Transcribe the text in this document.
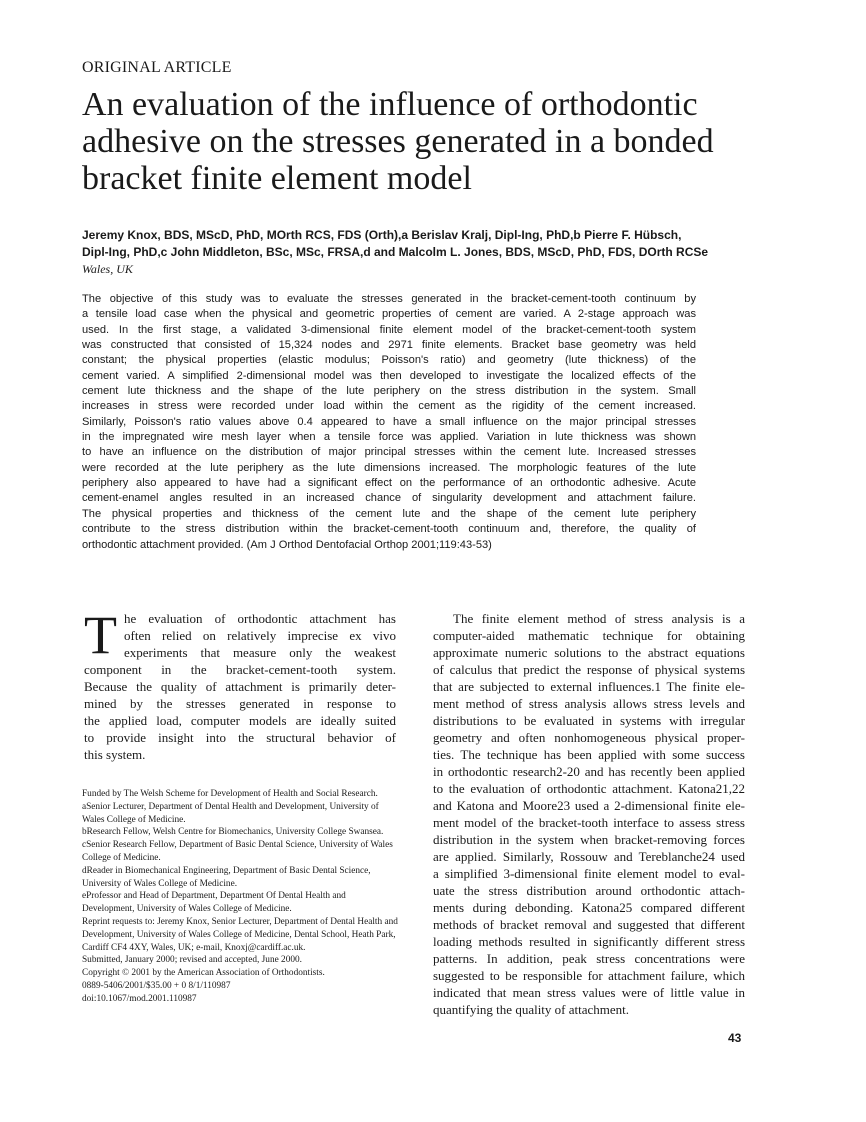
ORIGINAL ARTICLE
An evaluation of the influence of orthodontic
adhesive on the stresses generated in a bonded
bracket finite element model
Jeremy Knox, BDS, MScD, PhD, MOrth RCS, FDS (Orth),a Berislav Kralj, Dipl-Ing, PhD,b Pierre F. Hübsch,
Dipl-Ing, PhD,c John Middleton, BSc, MSc, FRSA,d and Malcolm L. Jones, BDS, MScD, PhD, FDS, DOrth RCSe
Wales, UK
The objective of this study was to evaluate the stresses generated in the bracket-cement-tooth continuum by
a tensile load case when the physical and geometric properties of cement are varied. A 2-stage approach was
used. In the first stage, a validated 3-dimensional finite element model of the bracket-cement-tooth system
was constructed that consisted of 15,324 nodes and 2971 finite elements. Bracket base geometry was held
constant; the physical properties (elastic modulus; Poisson's ratio) and geometry (lute thickness) of the
cement varied. A simplified 2-dimensional model was then developed to investigate the localized effects of the
cement lute thickness and the shape of the lute periphery on the stress distribution in the system. Small
increases in stress were recorded under load within the cement as the rigidity of the cement increased.
Similarly, Poisson's ratio values above 0.4 appeared to have a small influence on the major principal stresses
in the impregnated wire mesh layer when a tensile force was applied. Variation in lute thickness was shown
to have an influence on the distribution of major principal stresses within the cement lute. Increased stresses
were recorded at the lute periphery as the lute dimensions increased. The morphologic features of the lute
periphery also appeared to have had a significant effect on the performance of an orthodontic adhesive. Acute
cement-enamel angles resulted in an increased chance of singularity development and attachment failure.
The physical properties and thickness of the cement lute and the shape of the cement lute periphery
contribute to the stress distribution within the bracket-cement-tooth continuum and, therefore, the quality of
orthodontic attachment provided. (Am J Orthod Dentofacial Orthop 2001;119:43-53)
T he evaluation of orthodontic attachment has
often relied on relatively imprecise ex vivo
experiments that measure only the weakest
component in the bracket-cement-tooth system.
Because the quality of attachment is primarily deter-
mined by the stresses generated in response to
the applied load, computer models are ideally suited
to provide insight into the structural behavior of
this system.
Funded by The Welsh Scheme for Development of Health and Social Research.
aSenior Lecturer, Department of Dental Health and Development, University of Wales College of Medicine.
bResearch Fellow, Welsh Centre for Biomechanics, University College Swansea.
cSenior Research Fellow, Department of Basic Dental Science, University of Wales College of Medicine.
dReader in Biomechanical Engineering, Department of Basic Dental Science, University of Wales College of Medicine.
eProfessor and Head of Department, Department Of Dental Health and Development, University of Wales College of Medicine.
Reprint requests to: Jeremy Knox, Senior Lecturer, Department of Dental Health and Development, University of Wales College of Medicine, Dental School, Heath Park, Cardiff CF4 4XY, Wales, UK; e-mail, Knoxj@cardiff.ac.uk.
Submitted, January 2000; revised and accepted, June 2000.
Copyright © 2001 by the American Association of Orthodontists.
0889-5406/2001/$35.00 + 0 8/1/110987
doi:10.1067/mod.2001.110987
The finite element method of stress analysis is a
computer-aided mathematic technique for obtaining
approximate numeric solutions to the abstract equations
of calculus that predict the response of physical systems
that are subjected to external influences.1 The finite ele-
ment method of stress analysis allows stress levels and
distributions to be evaluated in systems with irregular
geometry and often nonhomogeneous physical proper-
ties. The technique has been applied with some success
in orthodontic research2-20 and has recently been applied
to the evaluation of orthodontic attachment. Katona21,22
and Katona and Moore23 used a 2-dimensional finite ele-
ment model of the bracket-tooth interface to assess stress
distribution in the system when bracket-removing forces
are applied. Similarly, Rossouw and Tereblanche24 used
a simplified 3-dimensional finite element model to eval-
uate the stress distribution around orthodontic attach-
ments during debonding. Katona25 compared different
methods of bracket removal and suggested that different
loading methods resulted in significantly different stress
patterns. In addition, peak stress concentrations were
suggested to be responsible for attachment failure, which
indicated that mean stress values were of little value in
quantifying the quality of attachment.
43
